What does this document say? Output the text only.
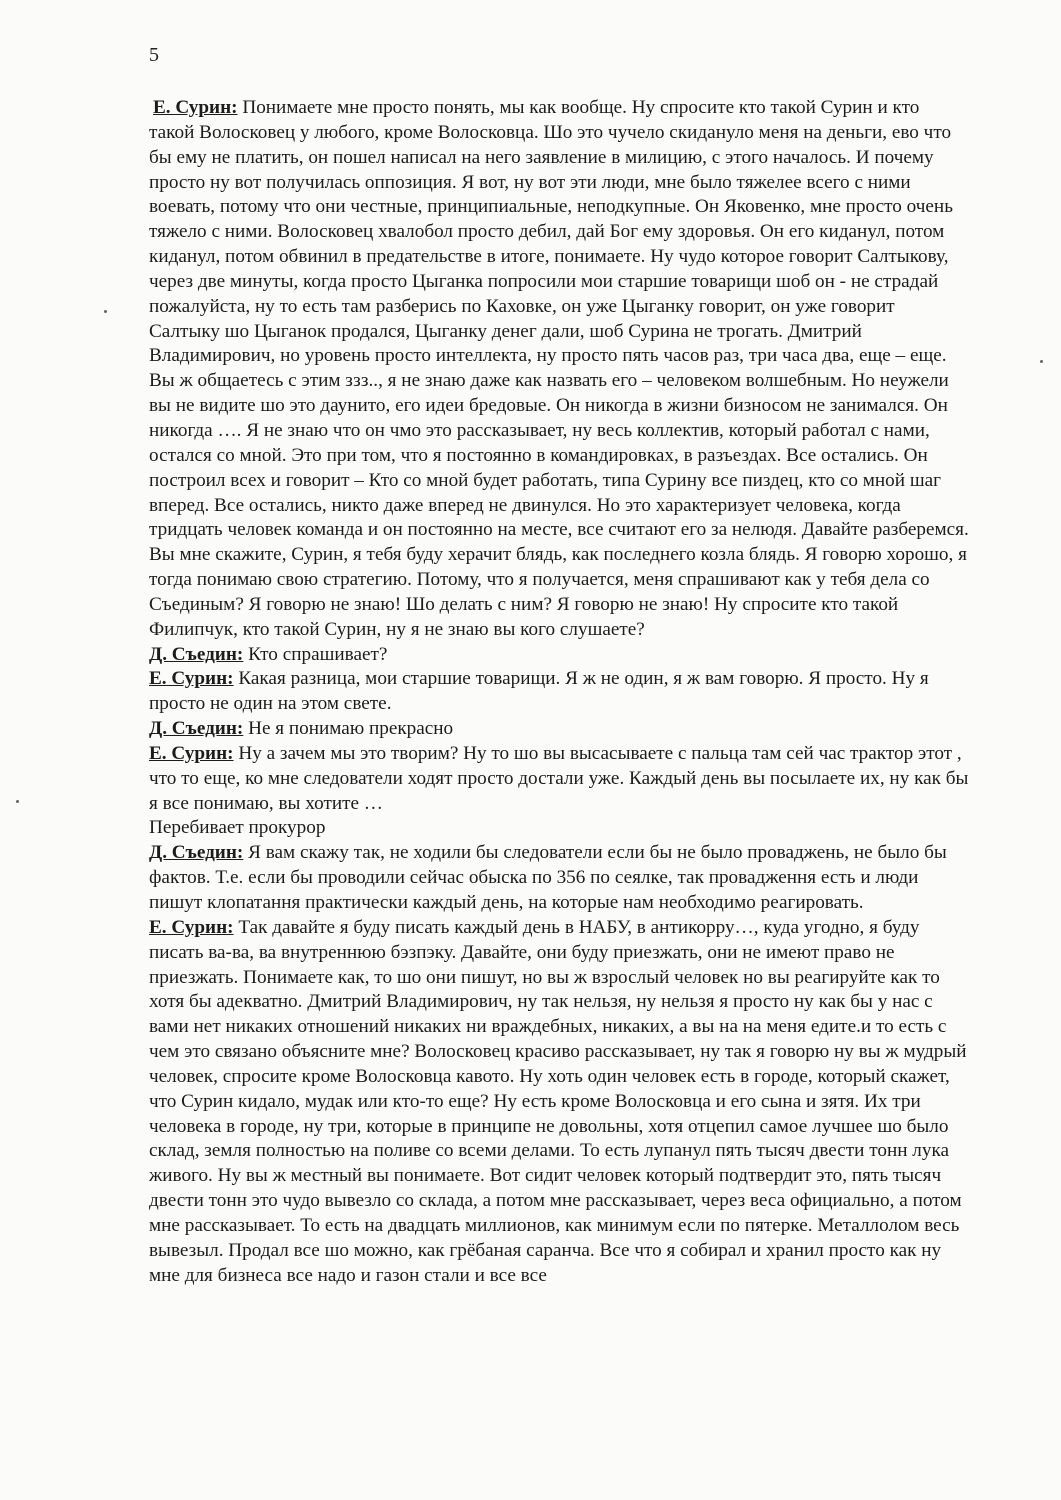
5

Е. Сурин: Понимаете мне просто понять, мы как вообще. Ну спросите кто такой Сурин и кто такой Волосковец у любого, кроме Волосковца. Шо это чучело скидануло меня на деньги, ево что бы ему не платить, он пошел написал на него заявление в милицию, с этого началось. И почему просто ну вот получилась оппозиция. Я вот, ну вот эти люди, мне было тяжелее всего с ними воевать, потому что они честные, принципиальные, неподкупные. Он Яковенко, мне просто очень тяжело с ними. Волосковец хвалобол просто дебил, дай Бог ему здоровья. Он его киданул, потом киданул, потом обвинил в предательстве в итоге, понимаете. Ну чудо которое говорит Салтыкову, через две минуты, когда просто Цыганка попросили мои старшие товарищи шоб он - не страдай пожалуйста, ну то есть там разберись по Каховке, он уже Цыганку говорит, он уже говорит Салтыку шо Цыганок продался, Цыганку денег дали, шоб Сурина не трогать. Дмитрий Владимирович, но уровень просто интеллекта, ну просто пять часов раз, три часа два, еще – еще. Вы ж общаетесь с этим ззз.., я не знаю даже как назвать его – человеком волшебным. Но неужели вы не видите шо это даунито, его идеи бредовые. Он никогда в жизни бизносом не занимался. Он никогда …. Я не знаю что он чмо это рассказывает, ну весь коллектив, который работал с нами, остался со мной. Это при том, что я постоянно в командировках, в разъездах. Все остались. Он построил всех и говорит – Кто со мной будет работать, типа Сурину все пиздец, кто со мной шаг вперед. Все остались, никто даже вперед не двинулся. Но это характеризует человека, когда тридцать человек команда и он постоянно на месте, все считают его за нелюдя. Давайте разберемся. Вы мне скажите, Сурин, я тебя буду херачит блядь, как последнего козла блядь. Я говорю хорошо, я тогда понимаю свою стратегию. Потому, что я получается, меня спрашивают как у тебя дела со Съединым? Я говорю не знаю! Шо делать с ним? Я говорю не знаю! Ну спросите кто такой Филипчук, кто такой Сурин, ну я не знаю вы кого слушаете?

Д. Съедин: Кто спрашивает?

Е. Сурин: Какая разница, мои старшие товарищи. Я ж не один, я ж вам говорю. Я просто. Ну я просто не один на этом свете.

Д. Съедин: Не я понимаю прекрасно

Е. Сурин: Ну а зачем мы это творим? Ну то шо вы высасываете с пальца там сей час трактор этот , что то еще, ко мне следователи ходят просто достали уже. Каждый день вы посылаете их, ну как бы я все понимаю, вы хотите …

Перебивает прокурор

Д. Съедин: Я вам скажу так, не ходили бы следователи если бы не было проваджень, не было бы фактов. Т.е. если бы проводили сейчас обыска по 356 по сеялке, так провадження есть и люди пишут клопатання практически каждый день, на которые нам необходимо реагировать.

Е. Сурин: Так давайте я буду писать каждый день в НАБУ, в антикорру…, куда угодно, я буду писать ва-ва, ва внутреннюю бэзпэку. Давайте, они буду приезжать, они не имеют право не приезжать. Понимаете как, то шо они пишут, но вы ж взрослый человек но вы реагируйте как то хотя бы адекватно. Дмитрий Владимирович, ну так нельзя, ну нельзя я просто ну как бы у нас с вами нет никаких отношений никаких ни враждебных, никаких, а вы на на меня едите.и то есть с чем это связано объясните мне? Волосковец красиво рассказывает, ну так я говорю ну вы ж мудрый человек, спросите кроме Волосковца кавото. Ну хоть один человек есть в городе, который скажет, что Сурин кидало, мудак или кто-то еще? Ну есть кроме Волосковца и его сына и зятя. Их три человека в городе, ну три, которые в принципе не довольны, хотя отцепил самое лучшее шо было склад, земля полностью на поливе со всеми делами. То есть лупанул пять тысяч двести тонн лука живого. Ну вы ж местный вы понимаете. Вот сидит человек который подтвердит это, пять тысяч двести тонн это чудо вывезло со склада, а потом мне рассказывает, через веса официально, а потом мне рассказывает. То есть на двадцать миллионов, как минимум если по пятерке. Металлолом весь вывезыл. Продал все шо можно, как грёбаная саранча. Все что я собирал и хранил просто как ну мне для бизнеса все надо и газон стали и все все
